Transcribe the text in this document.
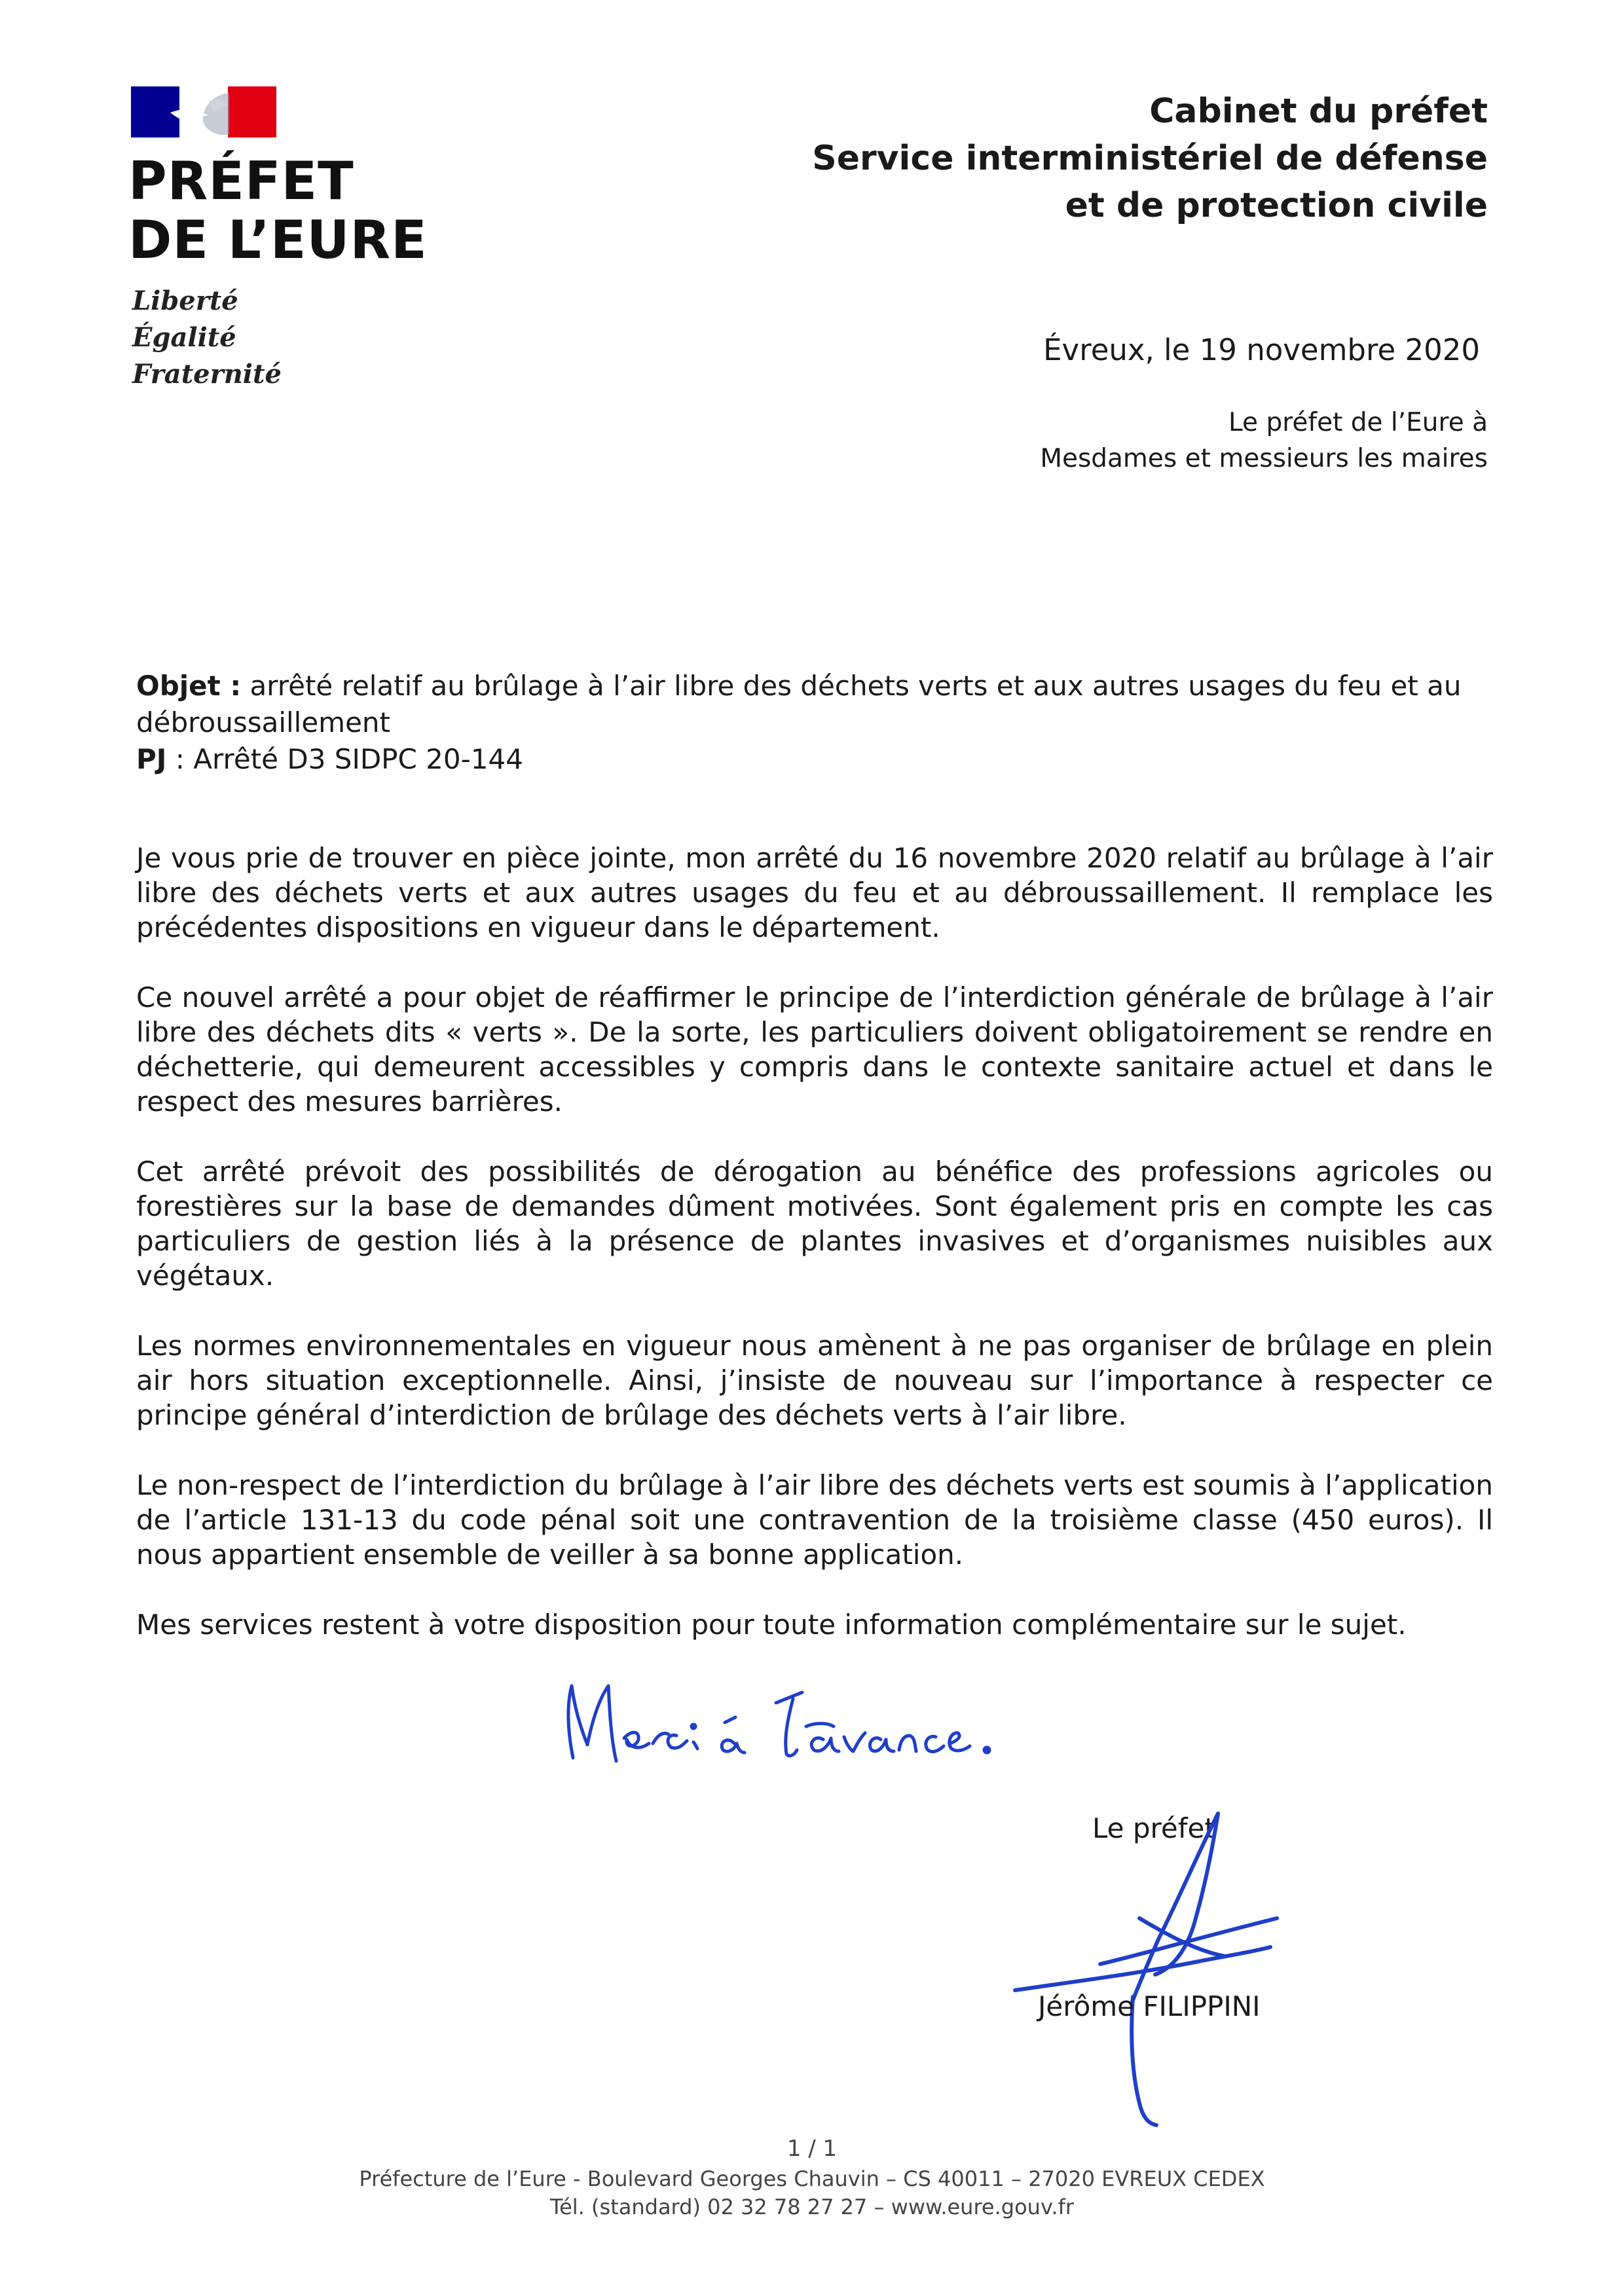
PRÉFET
DE L’EURE
Liberté
Égalité
Fraternité
Cabinet du préfet
Service interministériel de défense
et de protection civile
Évreux, le 19 novembre 2020
Le préfet de l’Eure à
Mesdames et messieurs les maires
Objet : arrêté relatif au brûlage à l’air libre des déchets verts et aux autres usages du feu et au débroussaillement
PJ : Arrêté D3 SIDPC 20-144

Je vous prie de trouver en pièce jointe, mon arrêté du 16 novembre 2020 relatif au brûlage à l’air libre des déchets verts et aux autres usages du feu et au débroussaillement. Il remplace les précédentes dispositions en vigueur dans le département.

Ce nouvel arrêté a pour objet de réaffirmer le principe de l’interdiction générale de brûlage à l’air libre des déchets dits « verts ». De la sorte, les particuliers doivent obligatoirement se rendre en déchetterie, qui demeurent accessibles y compris dans le contexte sanitaire actuel et dans le respect des mesures barrières.

Cet arrêté prévoit des possibilités de dérogation au bénéfice des professions agricoles ou forestières sur la base de demandes dûment motivées. Sont également pris en compte les cas particuliers de gestion liés à la présence de plantes invasives et d’organismes nuisibles aux végétaux.

Les normes environnementales en vigueur nous amènent à ne pas organiser de brûlage en plein air hors situation exceptionnelle. Ainsi, j’insiste de nouveau sur l’importance à respecter ce principe général d’interdiction de brûlage des déchets verts à l’air libre.

Le non-respect de l’interdiction du brûlage à l’air libre des déchets verts est soumis à l’application de l’article 131-13 du code pénal soit une contravention de la troisième classe (450 euros). Il nous appartient ensemble de veiller à sa bonne application.

Mes services restent à votre disposition pour toute information complémentaire sur le sujet.

Le préfet
Jérôme FILIPPINI
1 / 1
Préfecture de l’Eure - Boulevard Georges Chauvin – CS 40011 – 27020 EVREUX CEDEX
Tél. (standard) 02 32 78 27 27 – www.eure.gouv.fr
